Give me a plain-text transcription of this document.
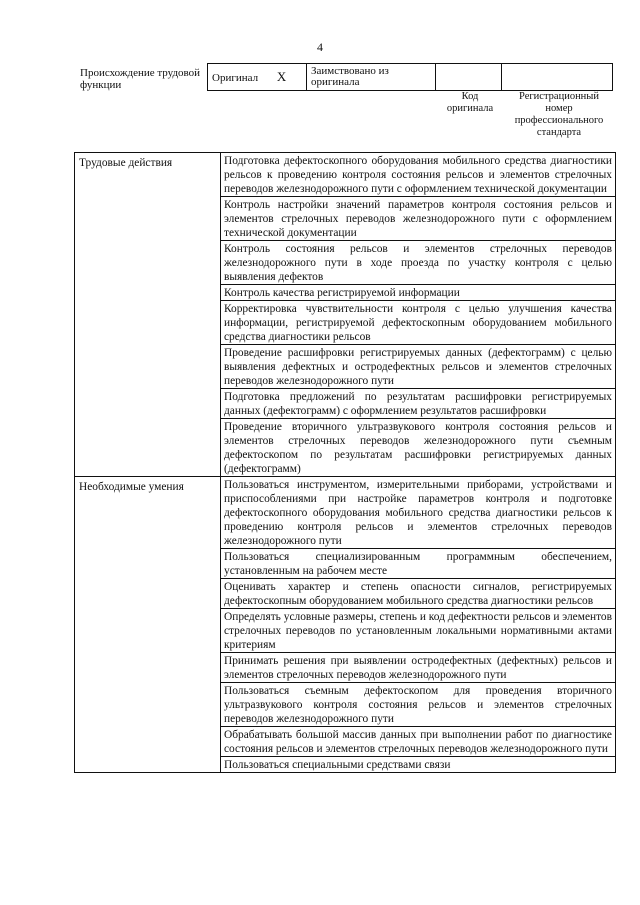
4
Происхождение трудовой функции
Оригинал X	Заимствовано из оригинала		
Код оригинала
Регистрационный номер профессионального стандарта
Трудовые действия	Подготовка дефектоскопного оборудования мобильного средства диагностики рельсов к проведению контроля состояния рельсов и элементов стрелочных переводов железнодорожного пути с оформлением технической документации
	Контроль настройки значений параметров контроля состояния рельсов и элементов стрелочных переводов железнодорожного пути с оформлением технической документации
	Контроль состояния рельсов и элементов стрелочных переводов железнодорожного пути в ходе проезда по участку контроля с целью выявления дефектов
	Контроль качества регистрируемой информации
	Корректировка чувствительности контроля с целью улучшения качества информации, регистрируемой дефектоскопным оборудованием мобильного средства диагностики рельсов
	Проведение расшифровки регистрируемых данных (дефектограмм) с целью выявления дефектных и остродефектных рельсов и элементов стрелочных переводов железнодорожного пути
	Подготовка предложений по результатам расшифровки регистрируемых данных (дефектограмм) с оформлением результатов расшифровки
	Проведение вторичного ультразвукового контроля состояния рельсов и элементов стрелочных переводов железнодорожного пути съемным дефектоскопом по результатам расшифровки регистрируемых данных (дефектограмм)
Необходимые умения	Пользоваться инструментом, измерительными приборами, устройствами и приспособлениями при настройке параметров контроля и подготовке дефектоскопного оборудования мобильного средства диагностики рельсов к проведению контроля рельсов и элементов стрелочных переводов железнодорожного пути
	Пользоваться специализированным программным обеспечением, установленным на рабочем месте
	Оценивать характер и степень опасности сигналов, регистрируемых дефектоскопным оборудованием мобильного средства диагностики рельсов
	Определять условные размеры, степень и код дефектности рельсов и элементов стрелочных переводов по установленным локальными нормативными актами критериям
	Принимать решения при выявлении остродефектных (дефектных) рельсов и элементов стрелочных переводов железнодорожного пути
	Пользоваться съемным дефектоскопом для проведения вторичного ультразвукового контроля состояния рельсов и элементов стрелочных переводов железнодорожного пути
	Обрабатывать большой массив данных при выполнении работ по диагностике состояния рельсов и элементов стрелочных переводов железнодорожного пути
	Пользоваться специальными средствами связи
